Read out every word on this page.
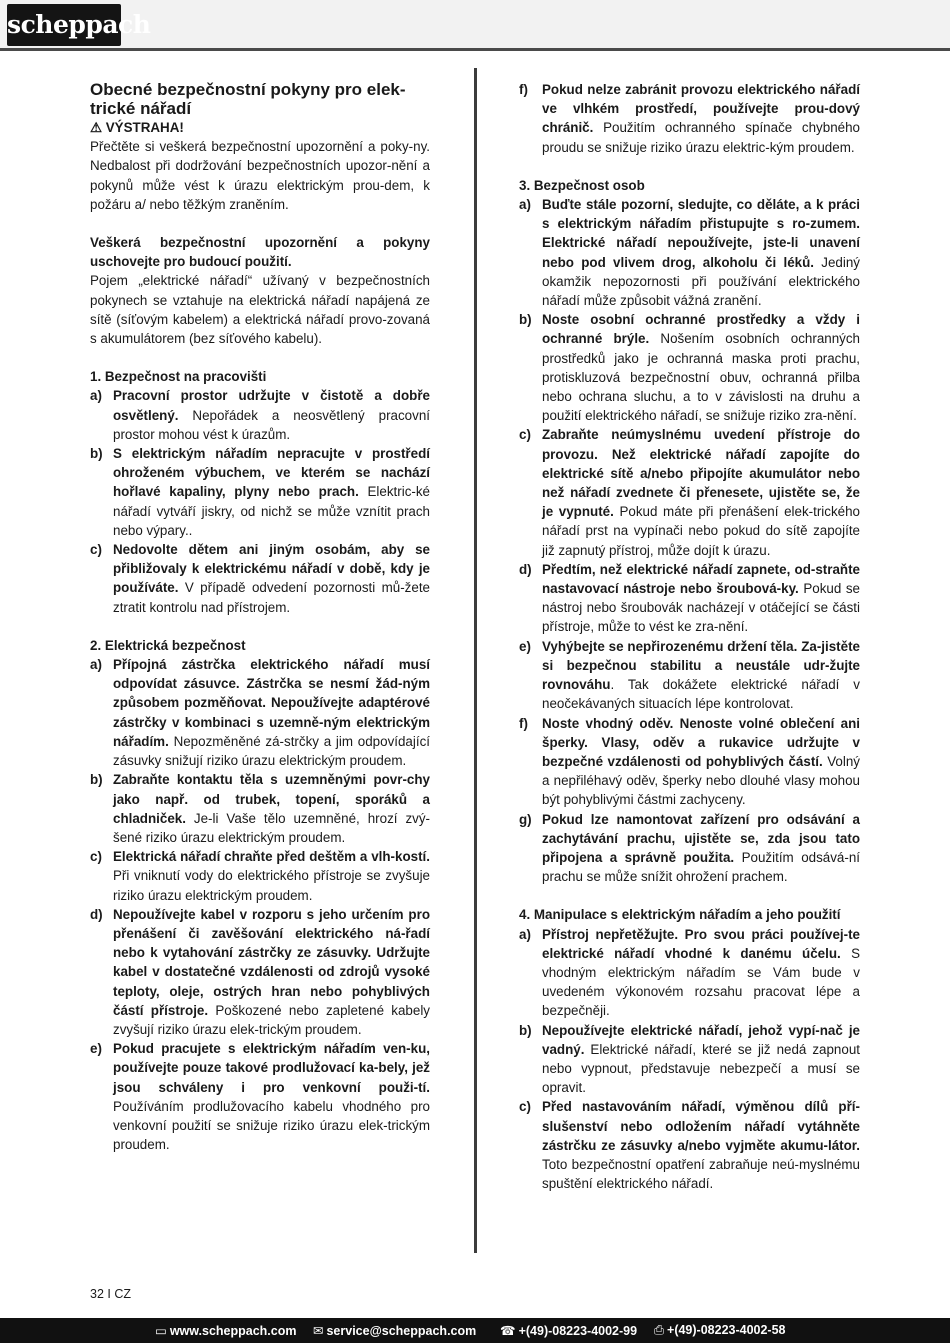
scheppach
Obecné bezpečnostní pokyny pro elek-trické nářadí
⚠ VÝSTRAHA!

Přečtěte si veškerá bezpečnostní upozornění a poky-ny. Nedbalost při dodržování bezpečnostních upozor-nění a pokynů může vést k úrazu elektrickým prou-dem, k požáru a/ nebo těžkým zraněním.

Veškerá bezpečnostní upozornění a pokyny uschovejte pro budoucí použití.

Pojem „elektrické nářadí“ užívaný v bezpečnostních pokynech se vztahuje na elektrická nářadí napájená ze sítě (síťovým kabelem) a elektrická nářadí provo-zovaná s akumulátorem (bez síťového kabelu).

1. Bezpečnost na pracovišti
a) Pracovní prostor udržujte v čistotě a dobře osvětlený. Nepořádek a neosvětlený pracovní prostor mohou vést k úrazům.
b) S elektrickým nářadím nepracujte v prostředí ohroženém výbuchem, ve kterém se nachází hořlavé kapaliny, plyny nebo prach. Elektric-ké nářadí vytváří jiskry, od nichž se může vznítit prach nebo výpary..
c) Nedovolte dětem ani jiným osobám, aby se přibližovaly k elektrickému nářadí v době, kdy je používáte. V případě odvedení pozornosti mů-žete ztratit kontrolu nad přístrojem.
2. Elektrická bezpečnost
a) Přípojná zástrčka elektrického nářadí musí odpovídat zásuvce. Zástrčka se nesmí žád-ným způsobem pozměňovat. Nepoužívejte adaptérové zástrčky v kombinaci s uzemně-ným elektrickým nářadím. Nepozměněné zá-strčky a jim odpovídající zásuvky snižují riziko úrazu elektrickým proudem.
b) Zabraňte kontaktu těla s uzemněnými povr-chy jako např. od trubek, topení, sporáků a chladniček. Je-li Vaše tělo uzemněné, hrozí zvý-šené riziko úrazu elektrickým proudem.
c) Elektrická nářadí chraňte před deštěm a vlh-kostí. Při vniknutí vody do elektrického přístroje se zvyšuje riziko úrazu elektrickým proudem.
d) Nepoužívejte kabel v rozporu s jeho určením pro přenášení či zavěšování elektrického ná-řadí nebo k vytahování zástrčky ze zásuvky. Udržujte kabel v dostatečné vzdálenosti od zdrojů vysoké teploty, oleje, ostrých hran nebo pohyblivých částí přístroje. Poškozené nebo zapletené kabely zvyšují riziko úrazu elek-trickým proudem.
e) Pokud pracujete s elektrickým nářadím ven-ku, používejte pouze takové prodlužovací ka-bely, jež jsou schváleny i pro venkovní použi-tí. Používáním prodlužovacího kabelu vhodného pro venkovní použití se snižuje riziko úrazu elek-trickým proudem.
f)	Pokud nelze zabránit provozu elektrického nářadí ve vlhkém prostředí, používejte prou-dový chránič. Použitím ochranného spínače chybného proudu se snižuje riziko úrazu elektric-kým proudem.
3. Bezpečnost osob
a) Buďte stále pozorní, sledujte, co děláte, a k práci s elektrickým nářadím přistupujte s ro-zumem. Elektrické nářadí nepoužívejte, jste-li unavení nebo pod vlivem drog, alkoholu či léků. Jediný okamžik nepozornosti při používání elektrického nářadí může způsobit vážná zranění.
b) Noste osobní ochranné prostředky a vždy i ochranné brýle. Nošením osobních ochranných prostředků jako je ochranná maska proti prachu, protiskluzová bezpečnostní obuv, ochranná přilba nebo ochrana sluchu, a to v závislosti na druhu a použití elektrického nářadí, se snižuje riziko zra-nění.
c) Zabraňte neúmyslnému uvedení přístroje do provozu. Než elektrické nářadí zapojíte do elektrické sítě a/nebo připojíte akumulátor nebo než nářadí zvednete či přenesete, ujistěte se, že je vypnuté. Pokud máte při přenášení elek-trického nářadí prst na vypínači nebo pokud do sítě zapojíte již zapnutý přístroj, může dojít k úrazu.
d) Předtím, než elektrické nářadí zapnete, od-straňte nastavovací nástroje nebo šroubová-ky. Pokud se nástroj nebo šroubovák nacházejí v otáčející se části přístroje, může to vést ke zra-nění.
e) Vyhýbejte se nepřirozenému držení těla. Za-jistěte si bezpečnou stabilitu a neustále udr-žujte rovnováhu. Tak dokážete elektrické nářadí v neočekávaných situacích lépe kontrolovat.
f)	Noste vhodný oděv. Nenoste volné oblečení ani šperky. Vlasy, oděv a rukavice udržujte v bezpečné vzdálenosti od pohyblivých částí. Volný a nepřiléhavý oděv, šperky nebo dlouhé vlasy mohou být pohyblivými částmi zachyceny.
g) Pokud lze namontovat zařízení pro odsávání a zachytávání prachu, ujistěte se, zda jsou tato připojena a správně použita. Použitím odsává-ní prachu se může snížit ohrožení prachem.
4. Manipulace s elektrickým nářadím a jeho použití
a) Přístroj nepřetěžujte. Pro svou práci používej-te elektrické nářadí vhodné k danému účelu. S vhodným elektrickým nářadím se Vám bude v uvedeném výkonovém rozsahu pracovat lépe a bezpečněji.
b) Nepoužívejte elektrické nářadí, jehož vypí-nač je vadný. Elektrické nářadí, které se již nedá zapnout nebo vypnout, představuje nebezpečí a musí se opravit.
c) Před nastavováním nářadí, výměnou dílů pří-slušenství nebo odložením nářadí vytáhněte zástrčku ze zásuvky a/nebo vyjměte akumu-látor. Toto bezpečnostní opatření zabraňuje neú-myslnému spuštění elektrického nářadí.
32 I CZ
▭ www.scheppach.com ✉ service@scheppach.com ☎ +(49)-08223-4002-99 ⎙ +(49)-08223-4002-58
